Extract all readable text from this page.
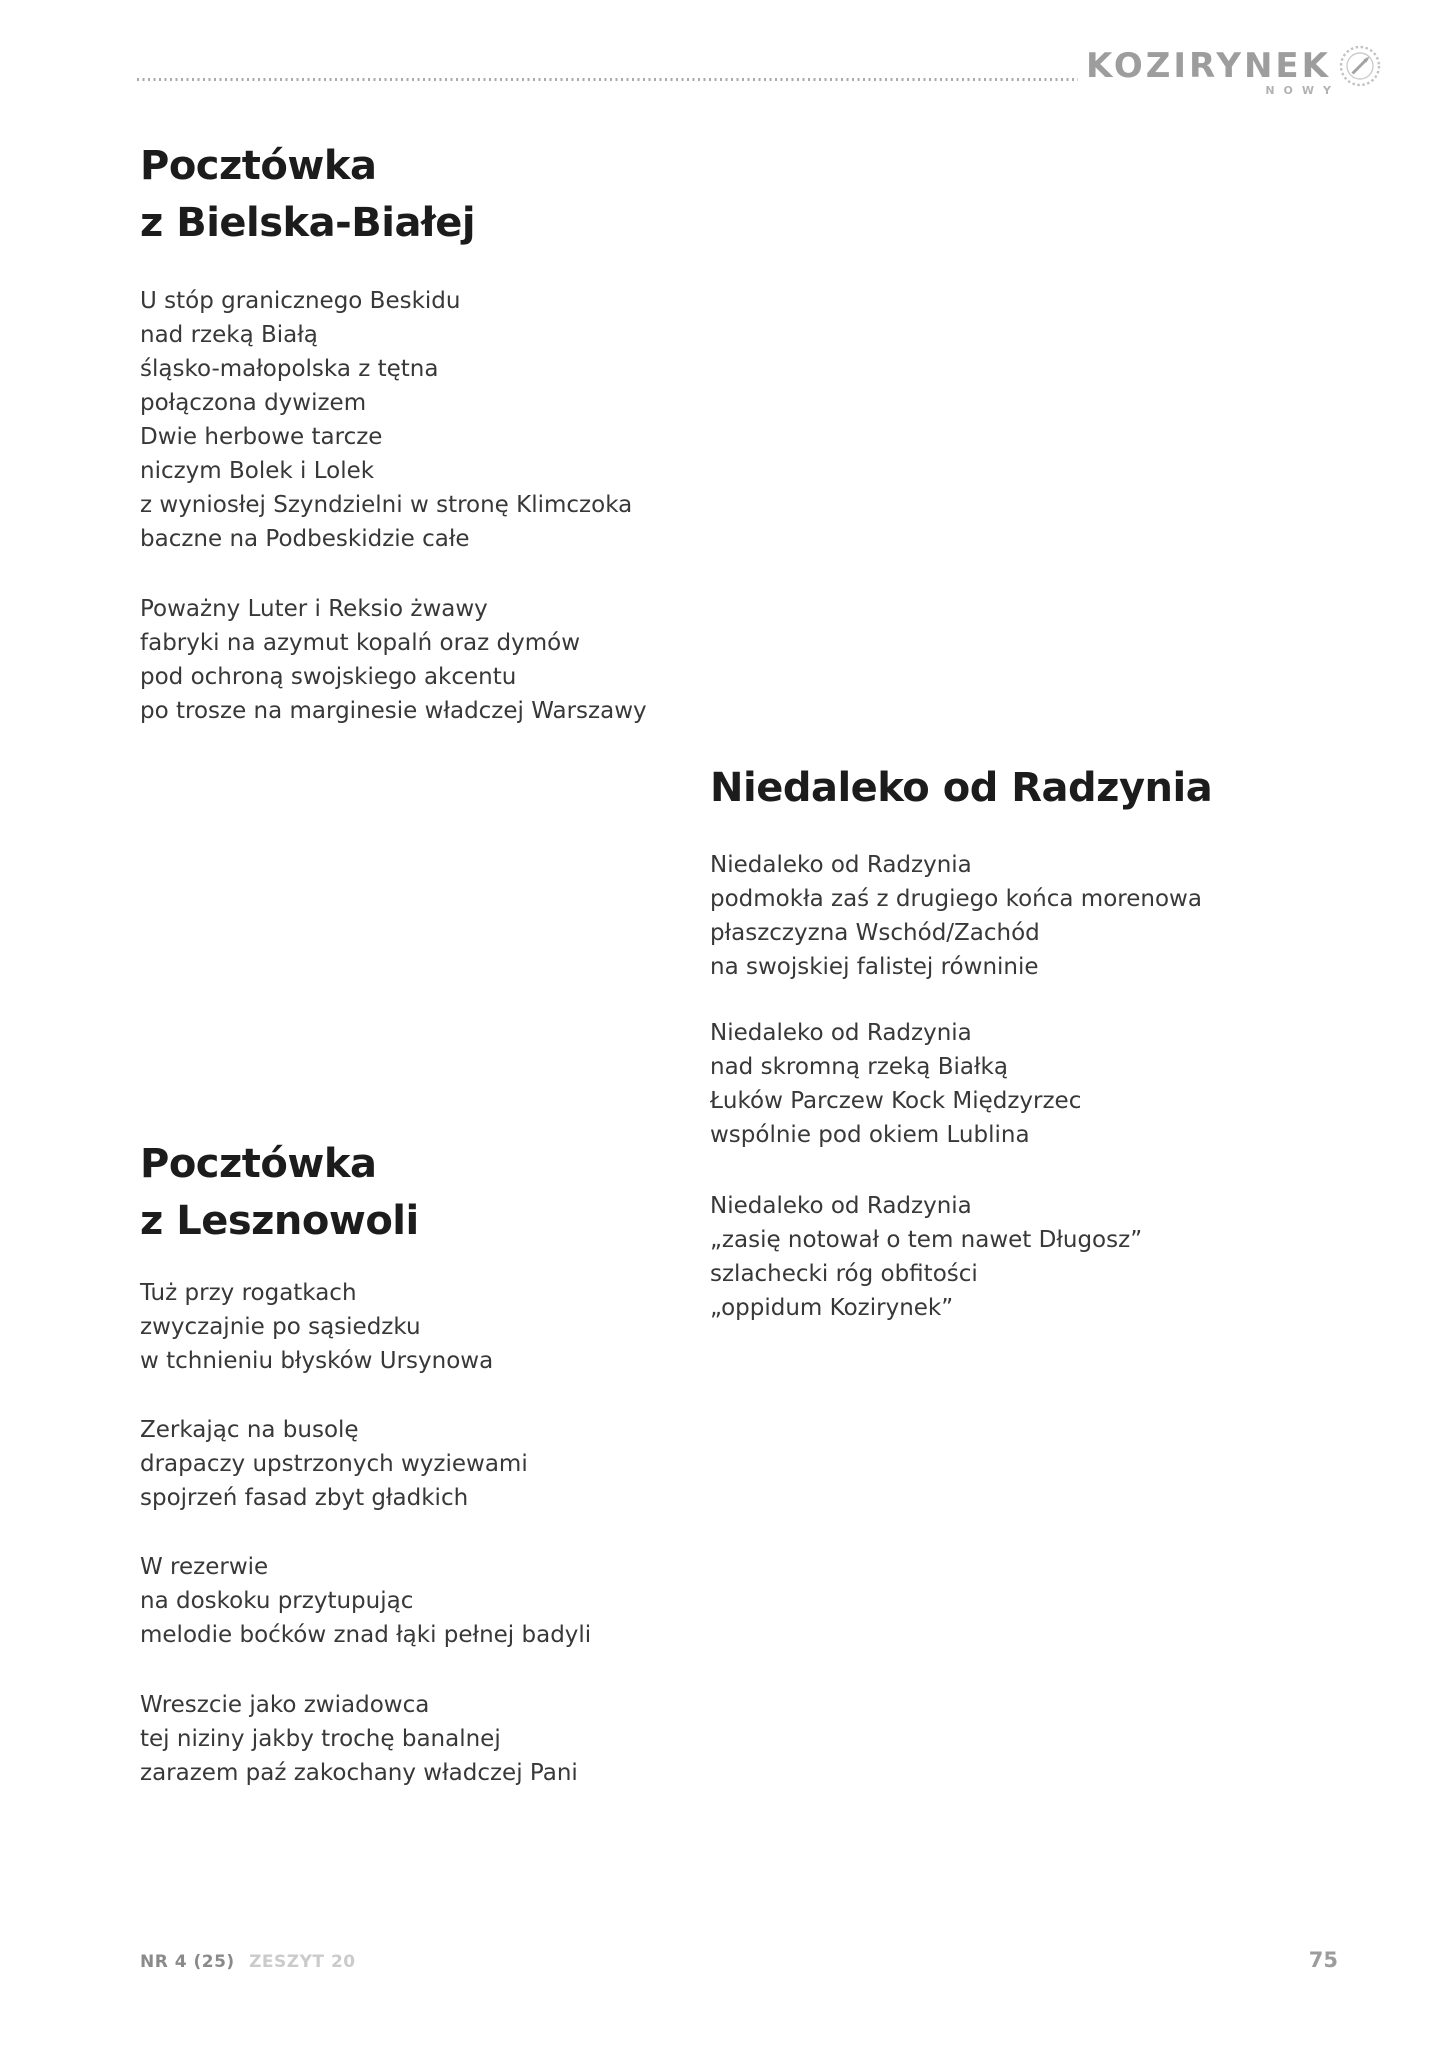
KOZIRYNEK
NOWY
Pocztówka
z Bielska-Białej
U stóp granicznego Beskidu
nad rzeką Białą
śląsko-małopolska z tętna
połączona dywizem
Dwie herbowe tarcze
niczym Bolek i Lolek
z wyniosłej Szyndzielni w stronę Klimczoka
baczne na Podbeskidzie całe
Poważny Luter i Reksio żwawy
fabryki na azymut kopalń oraz dymów
pod ochroną swojskiego akcentu
po trosze na marginesie władczej Warszawy
Niedaleko od Radzynia
Niedaleko od Radzynia
podmokła zaś z drugiego końca morenowa
płaszczyzna Wschód/Zachód
na swojskiej falistej równinie
Niedaleko od Radzynia
nad skromną rzeką Białką
Łuków Parczew Kock Międzyrzec
wspólnie pod okiem Lublina
Niedaleko od Radzynia
„zasię notował o tem nawet Długosz”
szlachecki róg obfitości
„oppidum Kozirynek”
Pocztówka
z Lesznowoli
Tuż przy rogatkach
zwyczajnie po sąsiedzku
w tchnieniu błysków Ursynowa
Zerkając na busolę
drapaczy upstrzonych wyziewami
spojrzeń fasad zbyt gładkich
W rezerwie
na doskoku przytupując
melodie boćków znad łąki pełnej badyli
Wreszcie jako zwiadowca
tej niziny jakby trochę banalnej
zarazem paź zakochany władczej Pani
NR 4 (25) ZESZYT 20	75
